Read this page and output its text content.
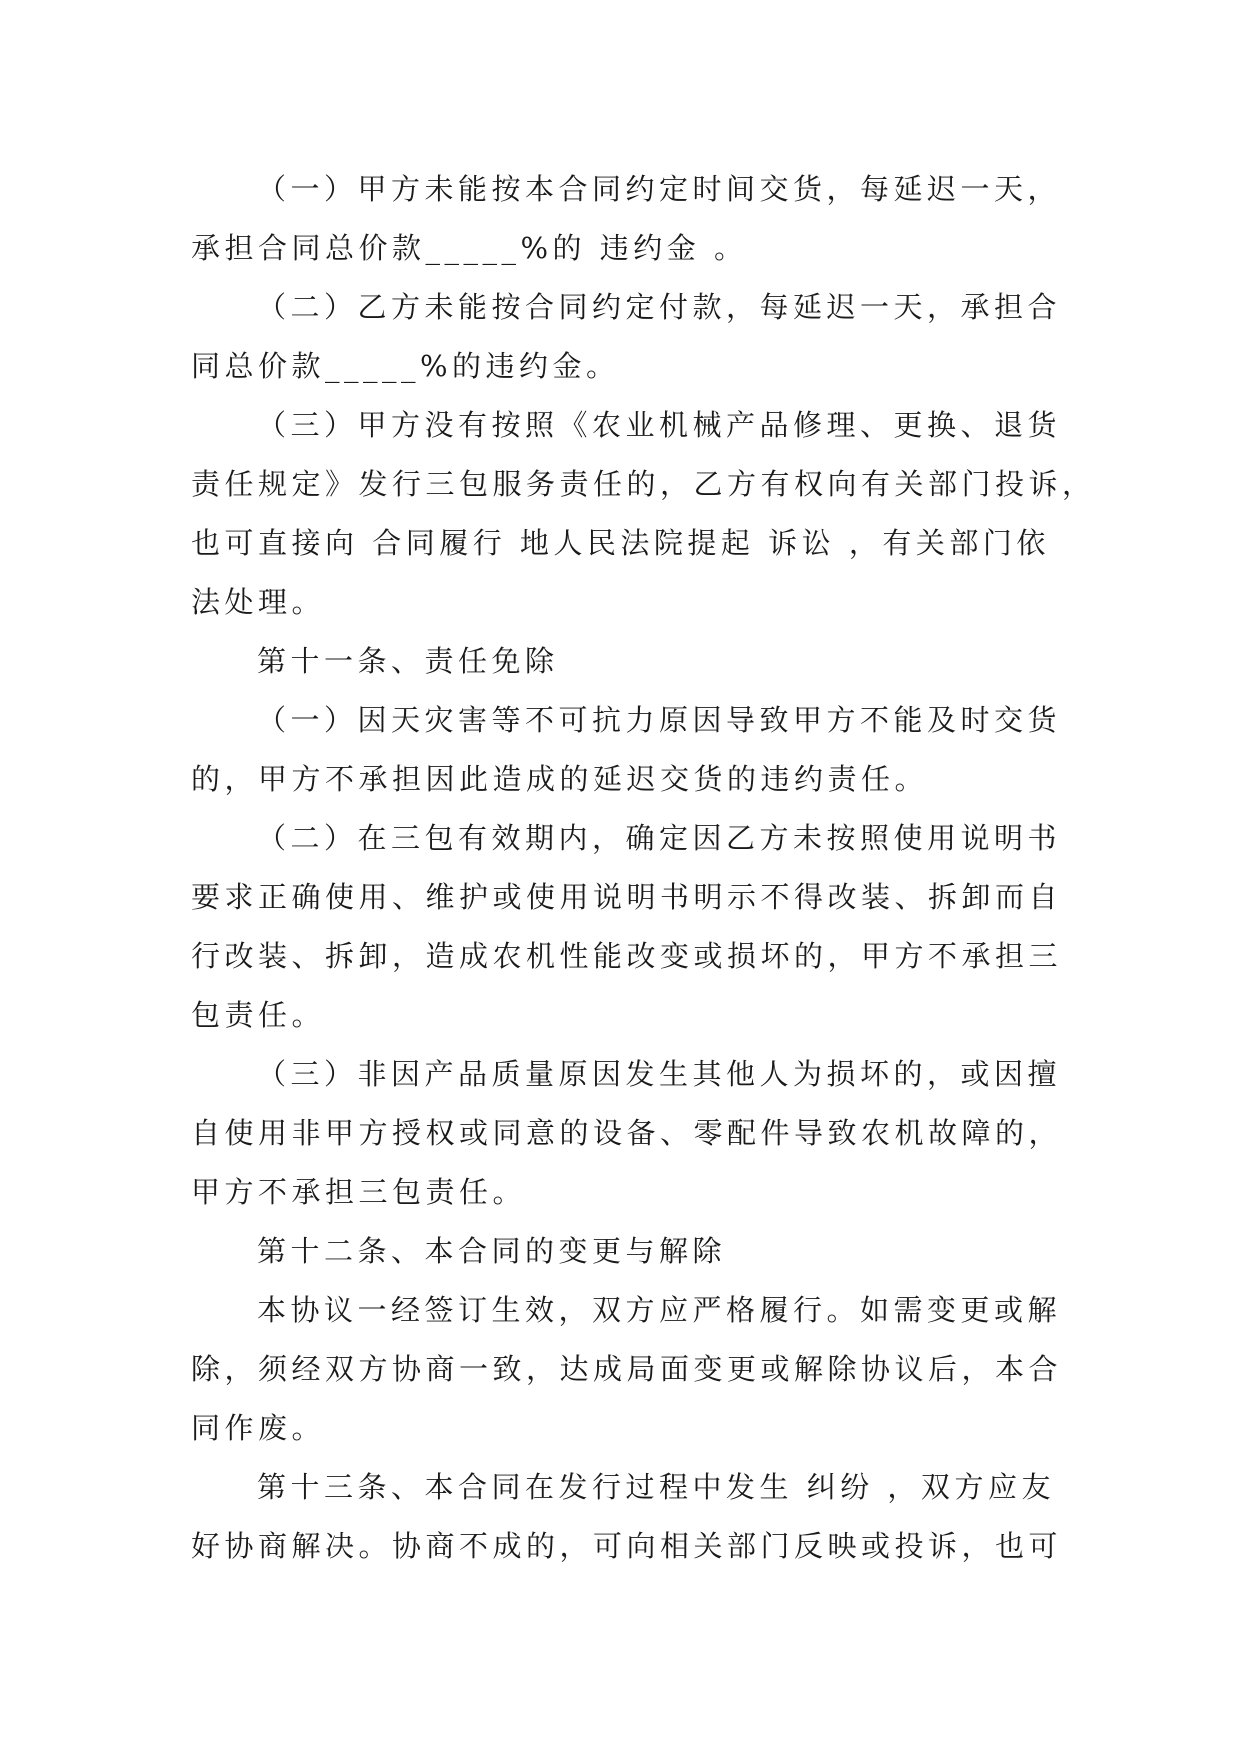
（一）甲方未能按本合同约定时间交货，每延迟一天，
承担合同总价款_____%的 违约金 。
（二）乙方未能按合同约定付款，每延迟一天，承担合
同总价款_____%的违约金。
（三）甲方没有按照《农业机械产品修理、更换、退货
责任规定》发行三包服务责任的，乙方有权向有关部门投诉，
也可直接向 合同履行 地人民法院提起 诉讼 ，有关部门依
法处理。
第十一条、责任免除
（一）因天灾害等不可抗力原因导致甲方不能及时交货
的，甲方不承担因此造成的延迟交货的违约责任。
（二）在三包有效期内，确定因乙方未按照使用说明书
要求正确使用、维护或使用说明书明示不得改装、拆卸而自
行改装、拆卸，造成农机性能改变或损坏的，甲方不承担三
包责任。
（三）非因产品质量原因发生其他人为损坏的，或因擅
自使用非甲方授权或同意的设备、零配件导致农机故障的，
甲方不承担三包责任。
第十二条、本合同的变更与解除
本协议一经签订生效，双方应严格履行。如需变更或解
除，须经双方协商一致，达成局面变更或解除协议后，本合
同作废。
第十三条、本合同在发行过程中发生 纠纷 ，双方应友
好协商解决。协商不成的，可向相关部门反映或投诉，也可
